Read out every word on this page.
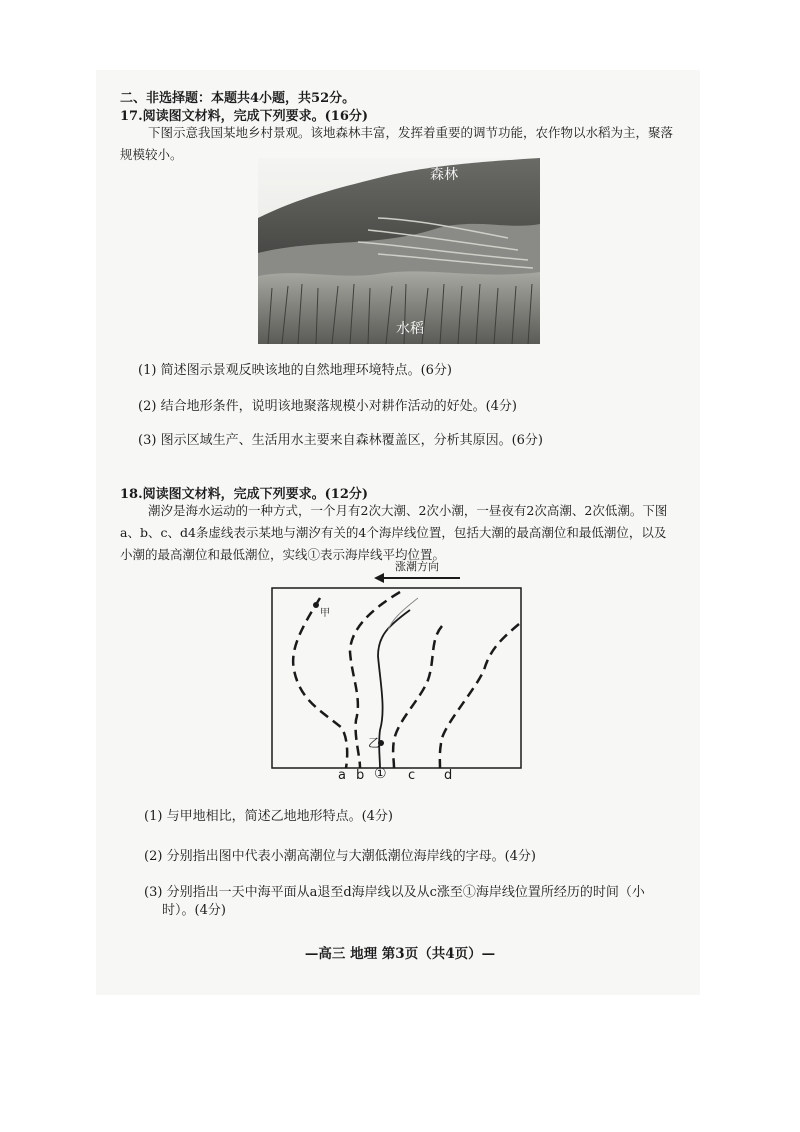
二、非选择题：本题共4小题，共52分。
17.阅读图文材料，完成下列要求。(16分)
下图示意我国某地乡村景观。该地森林丰富，发挥着重要的调节功能，农作物以水稻为主，聚落规模较小。
森林
水稻
(1) 简述图示景观反映该地的自然地理环境特点。(6分)
(2) 结合地形条件，说明该地聚落规模小对耕作活动的好处。(4分)
(3) 图示区域生产、生活用水主要来自森林覆盖区，分析其原因。(6分)
18.阅读图文材料，完成下列要求。(12分)
潮汐是海水运动的一种方式，一个月有2次大潮、2次小潮，一昼夜有2次高潮、2次低潮。下图a、b、c、d4条虚线表示某地与潮汐有关的4个海岸线位置，包括大潮的最高潮位和最低潮位，以及小潮的最高潮位和最低潮位，实线①表示海岸线平均位置。
涨潮方向
甲
乙
a b ① c d
(1) 与甲地相比，简述乙地地形特点。(4分)
(2) 分别指出图中代表小潮高潮位与大潮低潮位海岸线的字母。(4分)
(3) 分别指出一天中海平面从a退至d海岸线以及从c涨至①海岸线位置所经历的时间（小
时）。(4分)
—高三 地理 第3页（共4页）—
